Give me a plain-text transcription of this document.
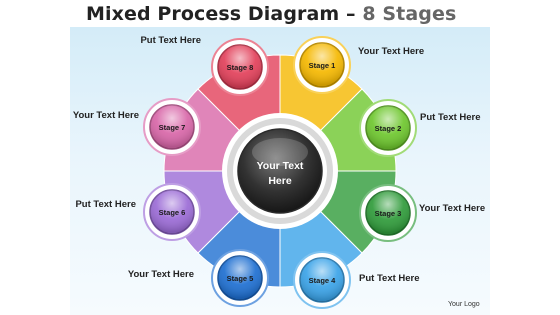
Mixed Process Diagram – 8 Stages
Stage 1
Stage 2
Stage 3
Stage 4
Stage 5
Stage 6
Stage 7
Stage 8
Your Text
Here
Your Text Here
Put Text Here
Your Text Here
Put Text Here
Your Text Here
Put Text Here
Your Text Here
Put Text Here
Your Logo
